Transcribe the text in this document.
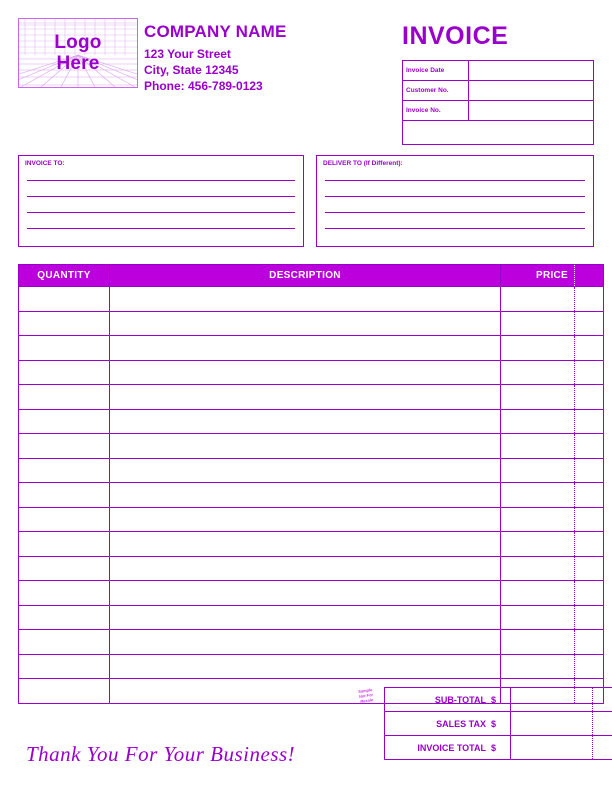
Logo
Here
COMPANY NAME
123 Your Street
City, State 12345
Phone: 456-789-0123
INVOICE
Invoice Date	
Customer No.	
Invoice No.	

INVOICE TO:	DELIVER TO (If Different):
QUANTITY	DESCRIPTION	PRICE

Sample
Not For Resale	SUB-TOTAL	$	

SALES TAX	$	

INVOICE TOTAL	$	
Thank You For Your Business!
